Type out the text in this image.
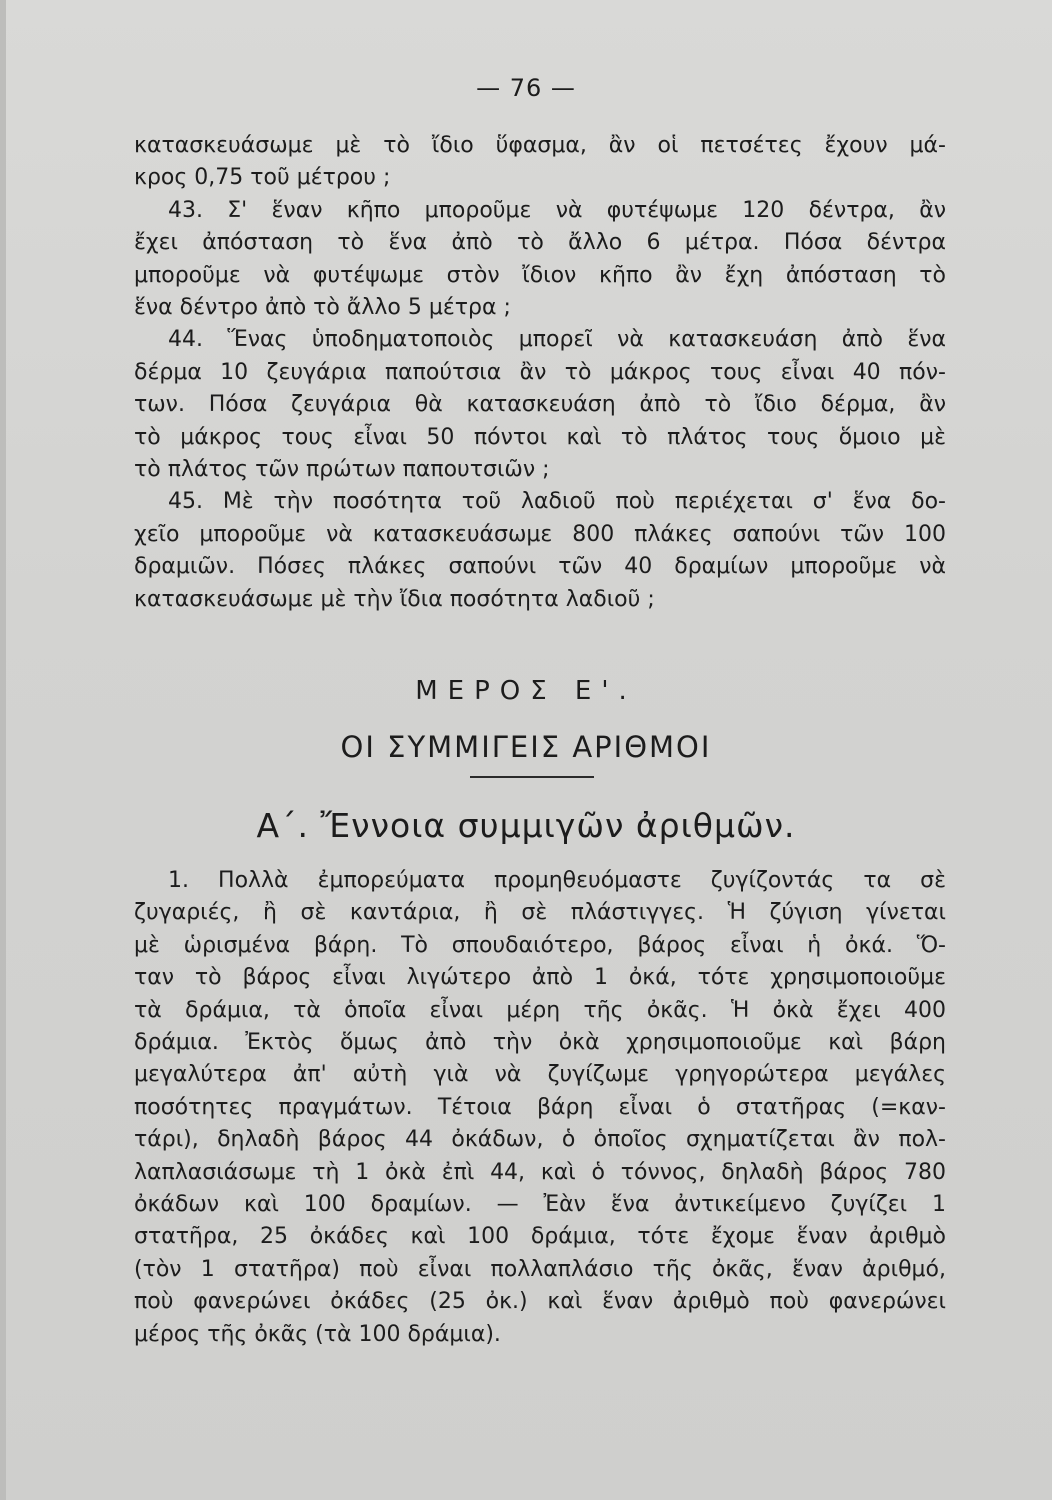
— 76 —
κατασκευάσωμε μὲ τὸ ἴδιο ὕφασμα, ἂν οἱ πετσέτες ἔχουν μά-
κρος 0,75 τοῦ μέτρου ;
43. Σ' ἕναν κῆπο μποροῦμε νὰ φυτέψωμε 120 δέντρα, ἂν
ἔχει ἀπόσταση τὸ ἕνα ἀπὸ τὸ ἄλλο 6 μέτρα. Πόσα δέντρα
μποροῦμε νὰ φυτέψωμε στὸν ἴδιον κῆπο ἂν ἔχη ἀπόσταση τὸ
ἕνα δέντρο ἀπὸ τὸ ἄλλο 5 μέτρα ;
44. Ἕνας ὑποδηματοποιὸς μπορεῖ νὰ κατασκευάση ἀπὸ ἕνα
δέρμα 10 ζευγάρια παπούτσια ἂν τὸ μάκρος τους εἶναι 40 πόν-
των. Πόσα ζευγάρια θὰ κατασκευάση ἀπὸ τὸ ἴδιο δέρμα, ἂν
τὸ μάκρος τους εἶναι 50 πόντοι καὶ τὸ πλάτος τους ὅμοιο μὲ
τὸ πλάτος τῶν πρώτων παπουτσιῶν ;
45. Μὲ τὴν ποσότητα τοῦ λαδιοῦ ποὺ περιέχεται σ' ἕνα δο-
χεῖο μποροῦμε νὰ κατασκευάσωμε 800 πλάκες σαπούνι τῶν 100
δραμιῶν. Πόσες πλάκες σαπούνι τῶν 40 δραμίων μποροῦμε νὰ
κατασκευάσωμε μὲ τὴν ἴδια ποσότητα λαδιοῦ ;
ΜΕΡΟΣ Ε'.
ΟΙ ΣΥΜΜΙΓΕΙΣ ΑΡΙΘΜΟΙ
Α΄. Ἔννοια συμμιγῶν ἀριθμῶν.
1. Πολλὰ ἐμπορεύματα προμηθευόμαστε ζυγίζοντάς τα σὲ
ζυγαριές, ἢ σὲ καντάρια, ἢ σὲ πλάστιγγες. Ἡ ζύγιση γίνεται
μὲ ὡρισμένα βάρη. Τὸ σπουδαιότερο, βάρος εἶναι ἡ ὀκά. Ὅ-
ταν τὸ βάρος εἶναι λιγώτερο ἀπὸ 1 ὀκά, τότε χρησιμοποιοῦμε
τὰ δράμια, τὰ ὁποῖα εἶναι μέρη τῆς ὀκᾶς. Ἡ ὀκὰ ἔχει 400
δράμια. Ἐκτὸς ὅμως ἀπὸ τὴν ὀκὰ χρησιμοποιοῦμε καὶ βάρη
μεγαλύτερα ἀπ' αὐτὴ γιὰ νὰ ζυγίζωμε γρηγορώτερα μεγάλες
ποσότητες πραγμάτων. Τέτοια βάρη εἶναι ὁ στατῆρας (=καν-
τάρι), δηλαδὴ βάρος 44 ὀκάδων, ὁ ὁποῖος σχηματίζεται ἂν πολ-
λαπλασιάσωμε τὴ 1 ὀκὰ ἐπὶ 44, καὶ ὁ τόννος, δηλαδὴ βάρος 780
ὀκάδων καὶ 100 δραμίων. — Ἐὰν ἕνα ἀντικείμενο ζυγίζει 1
στατῆρα, 25 ὀκάδες καὶ 100 δράμια, τότε ἔχομε ἕναν ἀριθμὸ
(τὸν 1 στατῆρα) ποὺ εἶναι πολλαπλάσιο τῆς ὀκᾶς, ἕναν ἀριθμό,
ποὺ φανερώνει ὀκάδες (25 ὀκ.) καὶ ἕναν ἀριθμὸ ποὺ φανερώνει
μέρος τῆς ὀκᾶς (τὰ 100 δράμια).
